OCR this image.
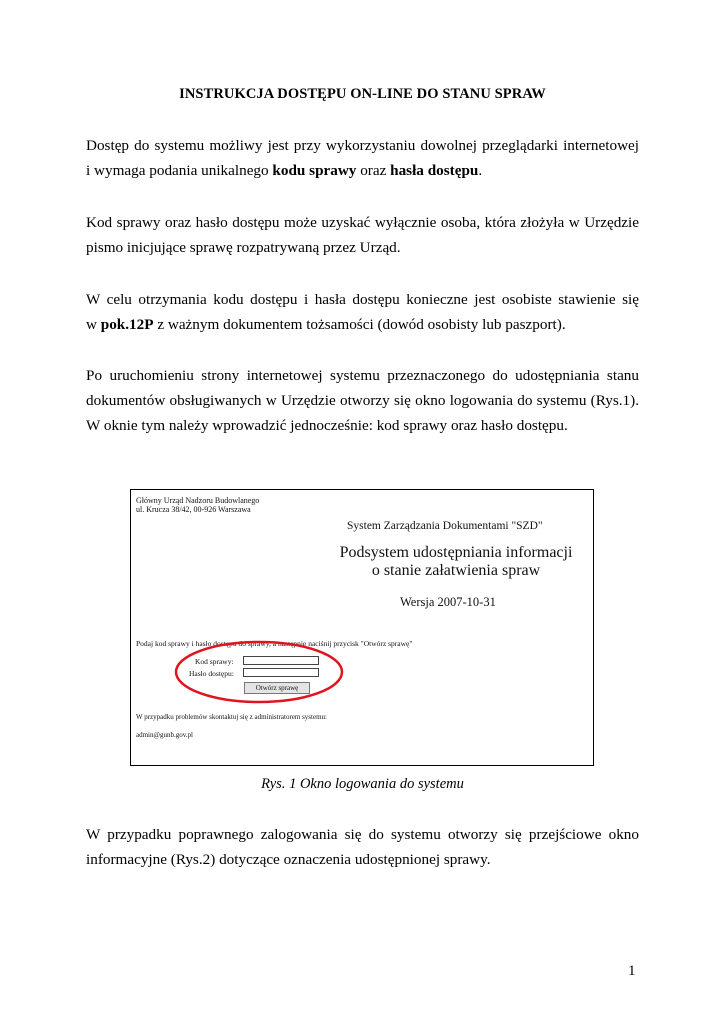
INSTRUKCJA DOSTĘPU ON-LINE DO STANU SPRAW

Dostęp do systemu możliwy jest przy wykorzystaniu dowolnej przeglądarki internetowej
i wymaga podania unikalnego kodu sprawy oraz hasła dostępu.

Kod sprawy oraz hasło dostępu może uzyskać wyłącznie osoba, która złożyła w Urzędzie
pismo inicjujące sprawę rozpatrywaną przez Urząd.

W celu otrzymania kodu dostępu i hasła dostępu konieczne jest osobiste stawienie się
w pok.12P z ważnym dokumentem tożsamości (dowód osobisty lub paszport).

Po uruchomieniu strony internetowej systemu przeznaczonego do udostępniania stanu
dokumentów obsługiwanych w Urzędzie otworzy się okno logowania do systemu (Rys.1).
W oknie tym należy wprowadzić jednocześnie: kod sprawy oraz hasło dostępu.

Główny Urząd Nadzoru Budowlanego
ul. Krucza 38/42, 00-926 Warszawa
System Zarządzania Dokumentami "SZD"
Podsystem udostępniania informacji
o stanie załatwienia spraw
Wersja 2007-10-31
Podaj kod sprawy i hasło dostępu do sprawy, a następnie naciśnij przycisk "Otwórz sprawę"
Kod sprawy:
Hasło dostępu:
Otwórz sprawę
W przypadku problemów skontaktuj się z administratorem systemu:
admin@gunb.gov.pl
Rys. 1 Okno logowania do systemu

W przypadku poprawnego zalogowania się do systemu otworzy się przejściowe okno
informacyjne (Rys.2) dotyczące oznaczenia udostępnionej sprawy.

1
